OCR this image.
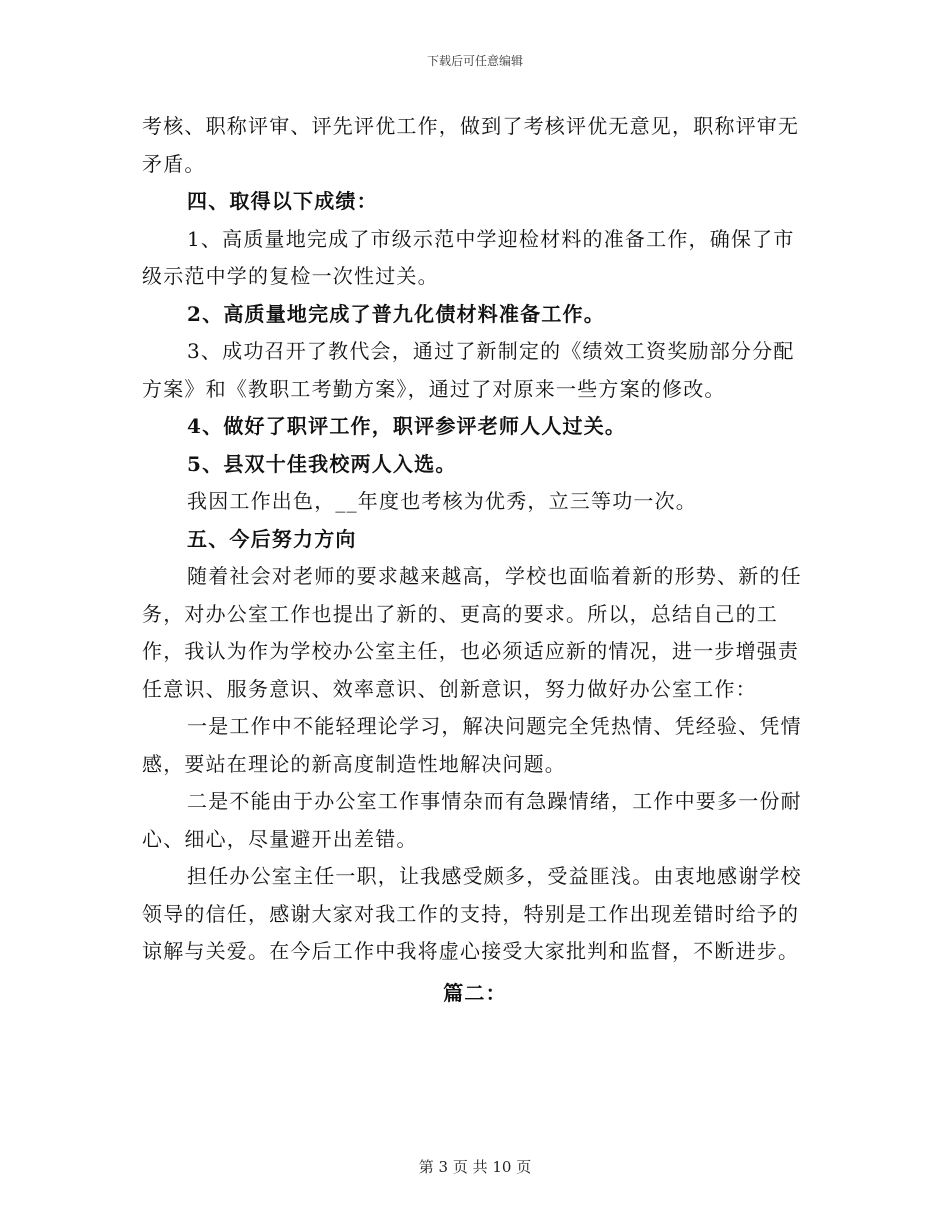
下载后可任意编辑

考核、职称评审、评先评优工作，做到了考核评优无意见，职称评审无矛盾。

四、取得以下成绩：

1、高质量地完成了市级示范中学迎检材料的准备工作，确保了市级示范中学的复检一次性过关。

2、高质量地完成了普九化债材料准备工作。

3、成功召开了教代会，通过了新制定的《绩效工资奖励部分分配方案》和《教职工考勤方案》，通过了对原来一些方案的修改。

4、做好了职评工作，职评参评老师人人过关。

5、县双十佳我校两人入选。

我因工作出色，__年度也考核为优秀，立三等功一次。

五、今后努力方向

随着社会对老师的要求越来越高，学校也面临着新的形势、新的任务，对办公室工作也提出了新的、更高的要求。所以，总结自己的工作，我认为作为学校办公室主任，也必须适应新的情况，进一步增强责任意识、服务意识、效率意识、创新意识，努力做好办公室工作：

一是工作中不能轻理论学习，解决问题完全凭热情、凭经验、凭情感，要站在理论的新高度制造性地解决问题。

二是不能由于办公室工作事情杂而有急躁情绪，工作中要多一份耐心、细心，尽量避开出差错。

担任办公室主任一职，让我感受颇多，受益匪浅。由衷地感谢学校领导的信任，感谢大家对我工作的支持，特别是工作出现差错时给予的谅解与关爱。在今后工作中我将虚心接受大家批判和监督，不断进步。

篇二：

第 3 页 共 10 页
